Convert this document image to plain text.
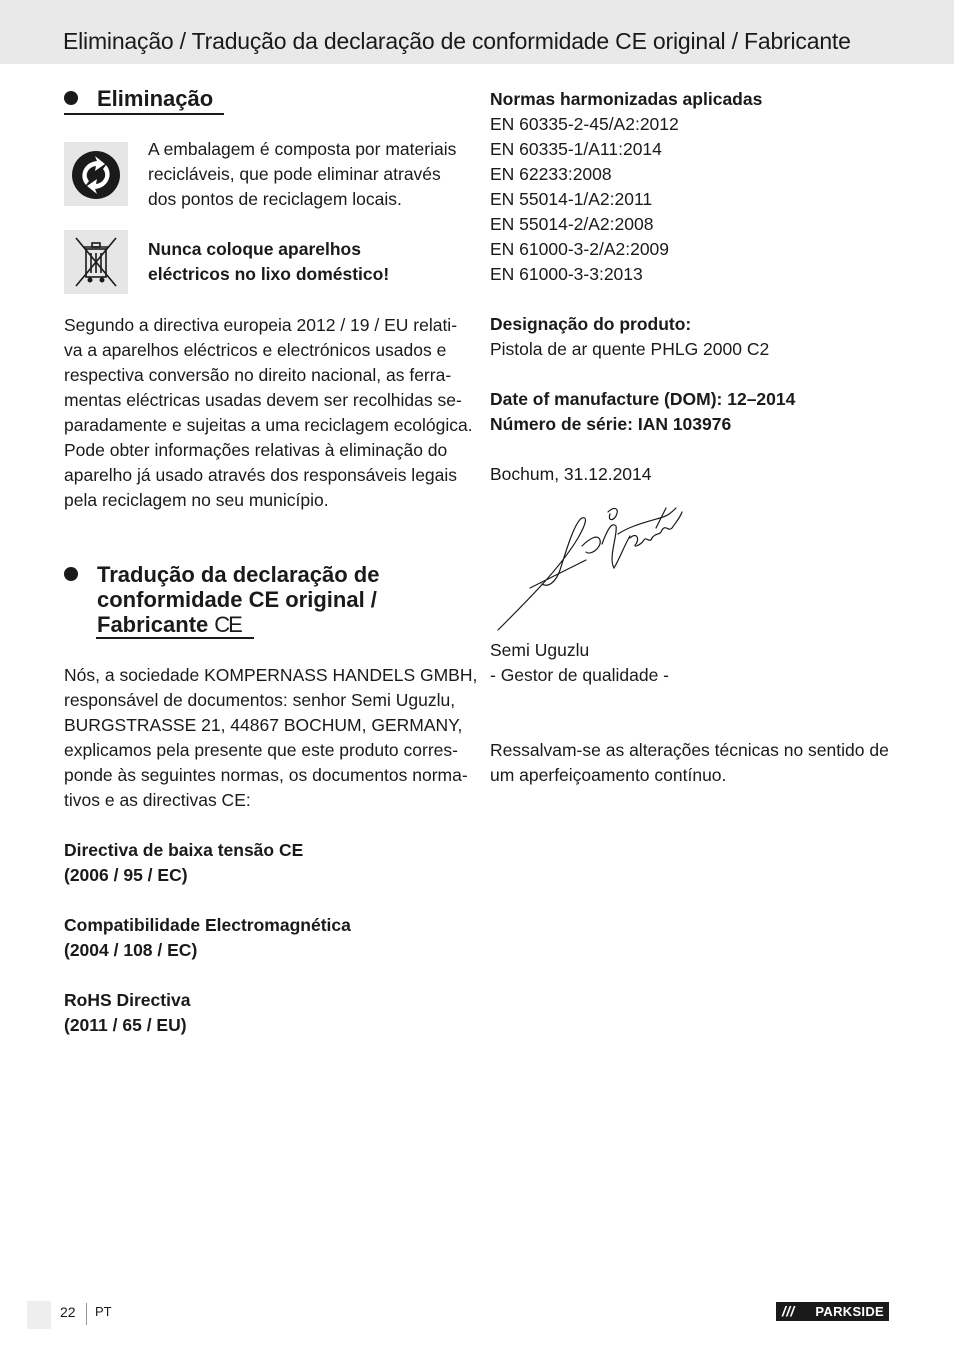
Eliminação / Tradução da declaração de conformidade CE original / Fabricante
Eliminação
A embalagem é composta por materiais
recicláveis, que pode eliminar através
dos pontos de reciclagem locais.
Nunca coloque aparelhos
eléctricos no lixo doméstico!
Segundo a directiva europeia 2012 / 19 / EU relati-
va a aparelhos eléctricos e electrónicos usados e
respectiva conversão no direito nacional, as ferra-
mentas eléctricas usadas devem ser recolhidas se-
paradamente e sujeitas a uma reciclagem ecológica.
Pode obter informações relativas à eliminação do
aparelho já usado através dos responsáveis legais
pela reciclagem no seu município.
Tradução da declaração de
conformidade CE original /
Fabricante CE
Nós, a sociedade KOMPERNASS HANDELS GMBH,
responsável de documentos: senhor Semi Uguzlu,
BURGSTRASSE 21, 44867 BOCHUM, GERMANY,
explicamos pela presente que este produto corres-
ponde às seguintes normas, os documentos norma-
tivos e as directivas CE:
Directiva de baixa tensão CE
(2006 / 95 / EC)
Compatibilidade Electromagnética
(2004 / 108 / EC)
RoHS Directiva
(2011 / 65 / EU)
Normas harmonizadas aplicadas
EN 60335-2-45/A2:2012
EN 60335-1/A11:2014
EN 62233:2008
EN 55014-1/A2:2011
EN 55014-2/A2:2008
EN 61000-3-2/A2:2009
EN 61000-3-3:2013
Designação do produto:
Pistola de ar quente PHLG 2000 C2
Date of manufacture (DOM): 12–2014
Número de série: IAN 103976
Bochum, 31.12.2014
Semi Uguzlu
- Gestor de qualidade -
Ressalvam-se as alterações técnicas no sentido de
um aperfeiçoamento contínuo.
22 PT	/// PARKSIDE
